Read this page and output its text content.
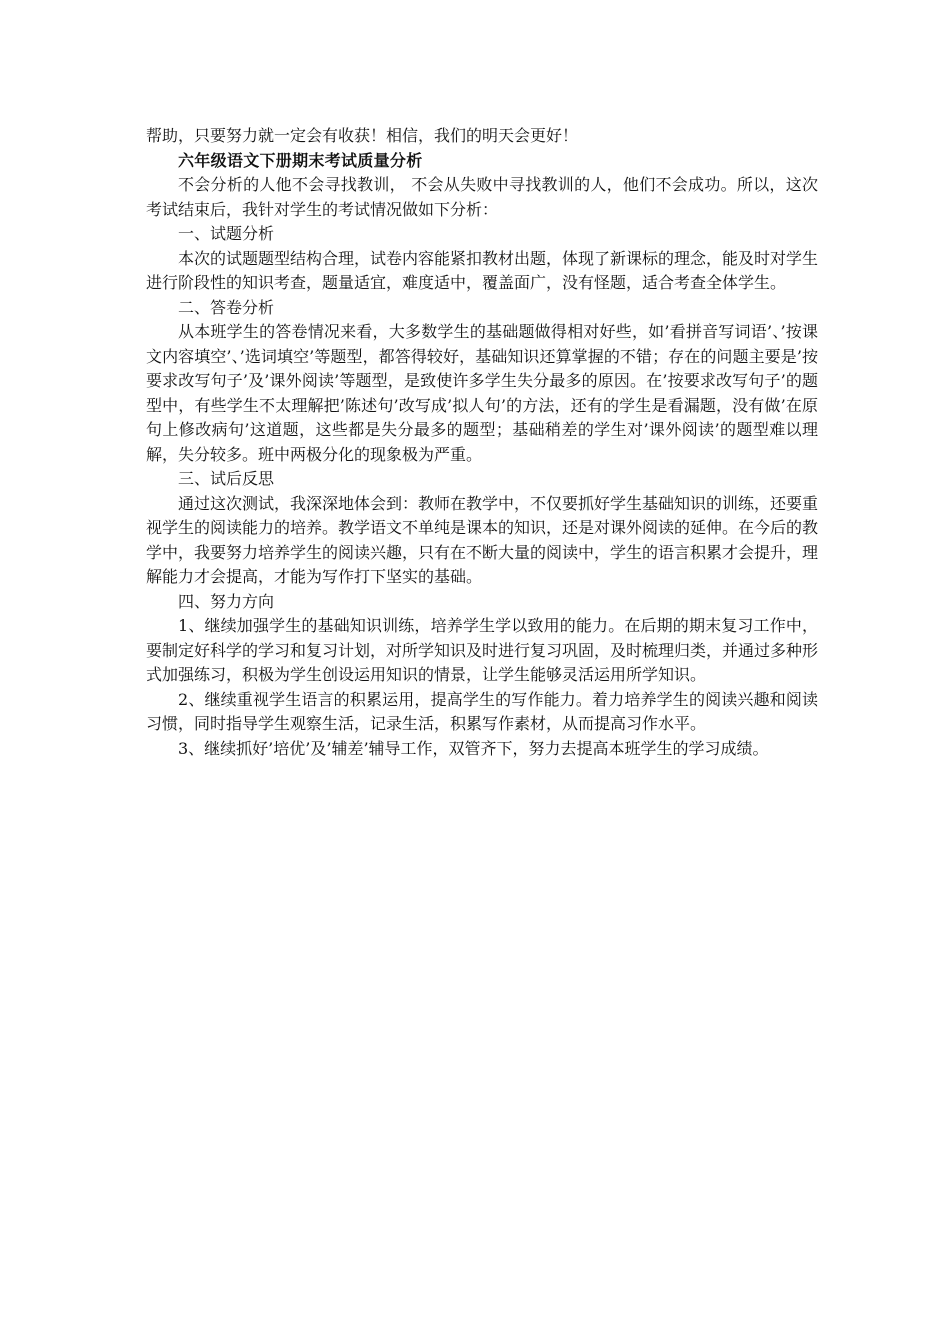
帮助，只要努力就一定会有收获！相信，我们的明天会更好！

六年级语文下册期末考试质量分析

不会分析的人他不会寻找教训， 不会从失败中寻找教训的人，他们不会成功。所以，这次考试结束后，我针对学生的考试情况做如下分析：

一、试题分析

本次的试题题型结构合理，试卷内容能紧扣教材出题，体现了新课标的理念，能及时对学生进行阶段性的知识考查，题量适宜，难度适中，覆盖面广，没有怪题，适合考查全体学生。

二、答卷分析

从本班学生的答卷情况来看，大多数学生的基础题做得相对好些，如’看拼音写词语’、’按课文内容填空’、’选词填空’等题型，都答得较好，基础知识还算掌握的不错；存在的问题主要是’按要求改写句子’及’课外阅读’等题型，是致使许多学生失分最多的原因。在’按要求改写句子’的题型中，有些学生不太理解把’陈述句’改写成’拟人句’的方法，还有的学生是看漏题，没有做’在原句上修改病句’这道题，这些都是失分最多的题型；基础稍差的学生对’课外阅读’的题型难以理解，失分较多。班中两极分化的现象极为严重。

三、试后反思

通过这次测试，我深深地体会到：教师在教学中，不仅要抓好学生基础知识的训练，还要重视学生的阅读能力的培养。教学语文不单纯是课本的知识，还是对课外阅读的延伸。在今后的教学中，我要努力培养学生的阅读兴趣，只有在不断大量的阅读中，学生的语言积累才会提升，理解能力才会提高，才能为写作打下坚实的基础。

四、努力方向

1、继续加强学生的基础知识训练，培养学生学以致用的能力。在后期的期末复习工作中，要制定好科学的学习和复习计划，对所学知识及时进行复习巩固，及时梳理归类，并通过多种形式加强练习，积极为学生创设运用知识的情景，让学生能够灵活运用所学知识。

2、继续重视学生语言的积累运用，提高学生的写作能力。着力培养学生的阅读兴趣和阅读习惯，同时指导学生观察生活，记录生活，积累写作素材，从而提高习作水平。

3、继续抓好’培优’及’辅差’辅导工作，双管齐下，努力去提高本班学生的学习成绩。
